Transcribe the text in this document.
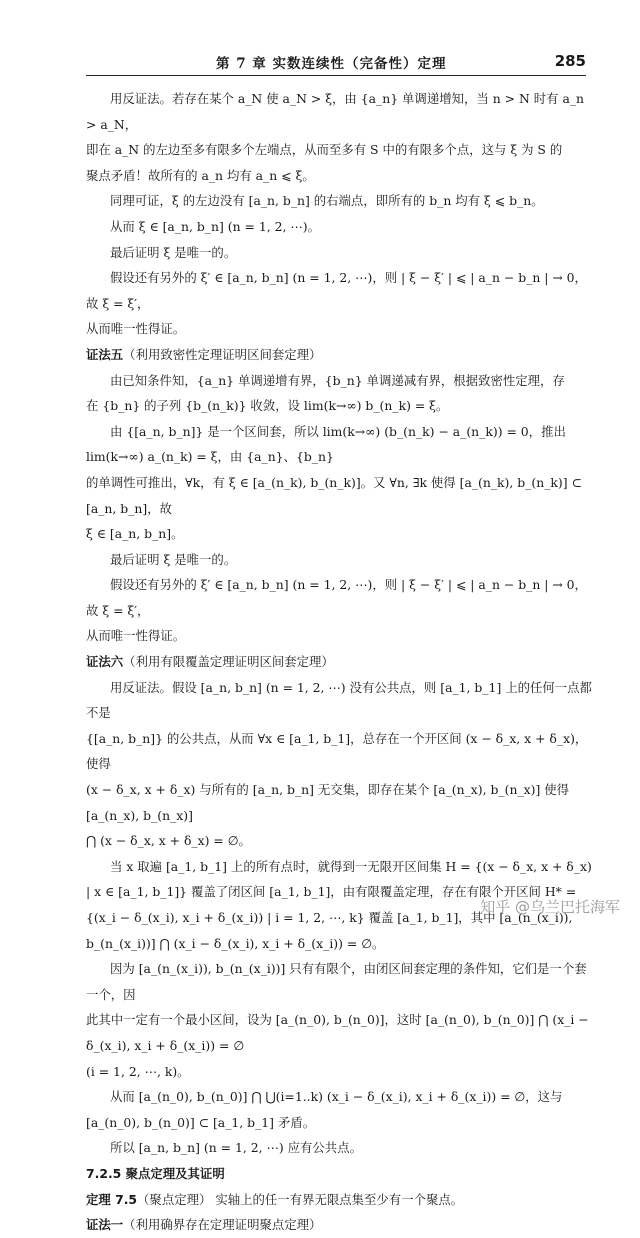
第 7 章 实数连续性（完备性）定理	285

用反证法。若存在某个 a_N 使 a_N > ξ，由 {a_n} 单调递增知，当 n > N 时有 a_n > a_N，

即在 a_N 的左边至多有限多个左端点，从而至多有 S 中的有限多个点，这与 ξ 为 S 的

聚点矛盾！故所有的 a_n 均有 a_n ⩽ ξ。

同理可证，ξ 的左边没有 [a_n, b_n] 的右端点，即所有的 b_n 均有 ξ ⩽ b_n。

从而 ξ ∈ [a_n, b_n] (n = 1, 2, ⋯)。

最后证明 ξ 是唯一的。

假设还有另外的 ξ′ ∈ [a_n, b_n] (n = 1, 2, ⋯)，则 | ξ − ξ′ | ⩽ | a_n − b_n | → 0，故 ξ = ξ′，

从而唯一性得证。

证法五（利用致密性定理证明区间套定理）

由已知条件知，{a_n} 单调递增有界，{b_n} 单调递减有界，根据致密性定理，存

在 {b_n} 的子列 {b_(n_k)} 收敛，设 lim(k→∞) b_(n_k) = ξ。

由 {[a_n, b_n]} 是一个区间套，所以 lim(k→∞) (b_(n_k) − a_(n_k)) = 0，推出 lim(k→∞) a_(n_k) = ξ，由 {a_n}、{b_n}

的单调性可推出，∀k，有 ξ ∈ [a_(n_k), b_(n_k)]。又 ∀n, ∃k 使得 [a_(n_k), b_(n_k)] ⊂ [a_n, b_n]，故

ξ ∈ [a_n, b_n]。

最后证明 ξ 是唯一的。

假设还有另外的 ξ′ ∈ [a_n, b_n] (n = 1, 2, ⋯)，则 | ξ − ξ′ | ⩽ | a_n − b_n | → 0，故 ξ = ξ′，

从而唯一性得证。

证法六（利用有限覆盖定理证明区间套定理）

用反证法。假设 [a_n, b_n] (n = 1, 2, ⋯) 没有公共点，则 [a_1, b_1] 上的任何一点都不是

{[a_n, b_n]} 的公共点，从而 ∀x ∈ [a_1, b_1]，总存在一个开区间 (x − δ_x, x + δ_x)，使得

(x − δ_x, x + δ_x) 与所有的 [a_n, b_n] 无交集，即存在某个 [a_(n_x), b_(n_x)] 使得 [a_(n_x), b_(n_x)]

⋂ (x − δ_x, x + δ_x) = ∅。

当 x 取遍 [a_1, b_1] 上的所有点时，就得到一无限开区间集 H = {(x − δ_x, x + δ_x)

| x ∈ [a_1, b_1]} 覆盖了闭区间 [a_1, b_1]，由有限覆盖定理，存在有限个开区间 H* =

{(x_i − δ_(x_i), x_i + δ_(x_i)) | i = 1, 2, ⋯, k} 覆盖 [a_1, b_1]，其中 [a_(n_(x_i)), b_(n_(x_i))] ⋂ (x_i − δ_(x_i), x_i + δ_(x_i)) = ∅。

因为 [a_(n_(x_i)), b_(n_(x_i))] 只有有限个，由闭区间套定理的条件知，它们是一个套一个，因

此其中一定有一个最小区间，设为 [a_(n_0), b_(n_0)]，这时 [a_(n_0), b_(n_0)] ⋂ (x_i − δ_(x_i), x_i + δ_(x_i)) = ∅

(i = 1, 2, ⋯, k)。

从而 [a_(n_0), b_(n_0)] ⋂ ⋃(i=1..k) (x_i − δ_(x_i), x_i + δ_(x_i)) = ∅，这与 [a_(n_0), b_(n_0)] ⊂ [a_1, b_1] 矛盾。

所以 [a_n, b_n] (n = 1, 2, ⋯) 应有公共点。

7.2.5 聚点定理及其证明

定理 7.5（聚点定理） 实轴上的任一有界无限点集至少有一个聚点。

证法一（利用确界存在定理证明聚点定理）

知乎 @乌兰巴托海军
